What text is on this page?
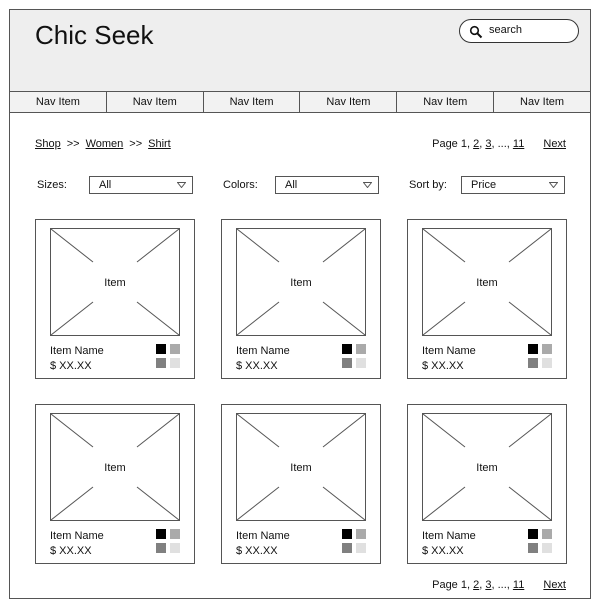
Chic Seek	search
Nav Item	Nav Item	Nav Item	Nav Item	Nav Item	Nav Item
Shop >> Women >> Shirt	Page 1, 2, 3, ..., 11 Next
Sizes:	All	Colors:	All	Sort by:	Price
Item
Item Name
$ XX.XX
Item
Item Name
$ XX.XX
Item
Item Name
$ XX.XX
Item
Item Name
$ XX.XX
Item
Item Name
$ XX.XX
Item
Item Name
$ XX.XX
Page 1, 2, 3, ..., 11 Next
